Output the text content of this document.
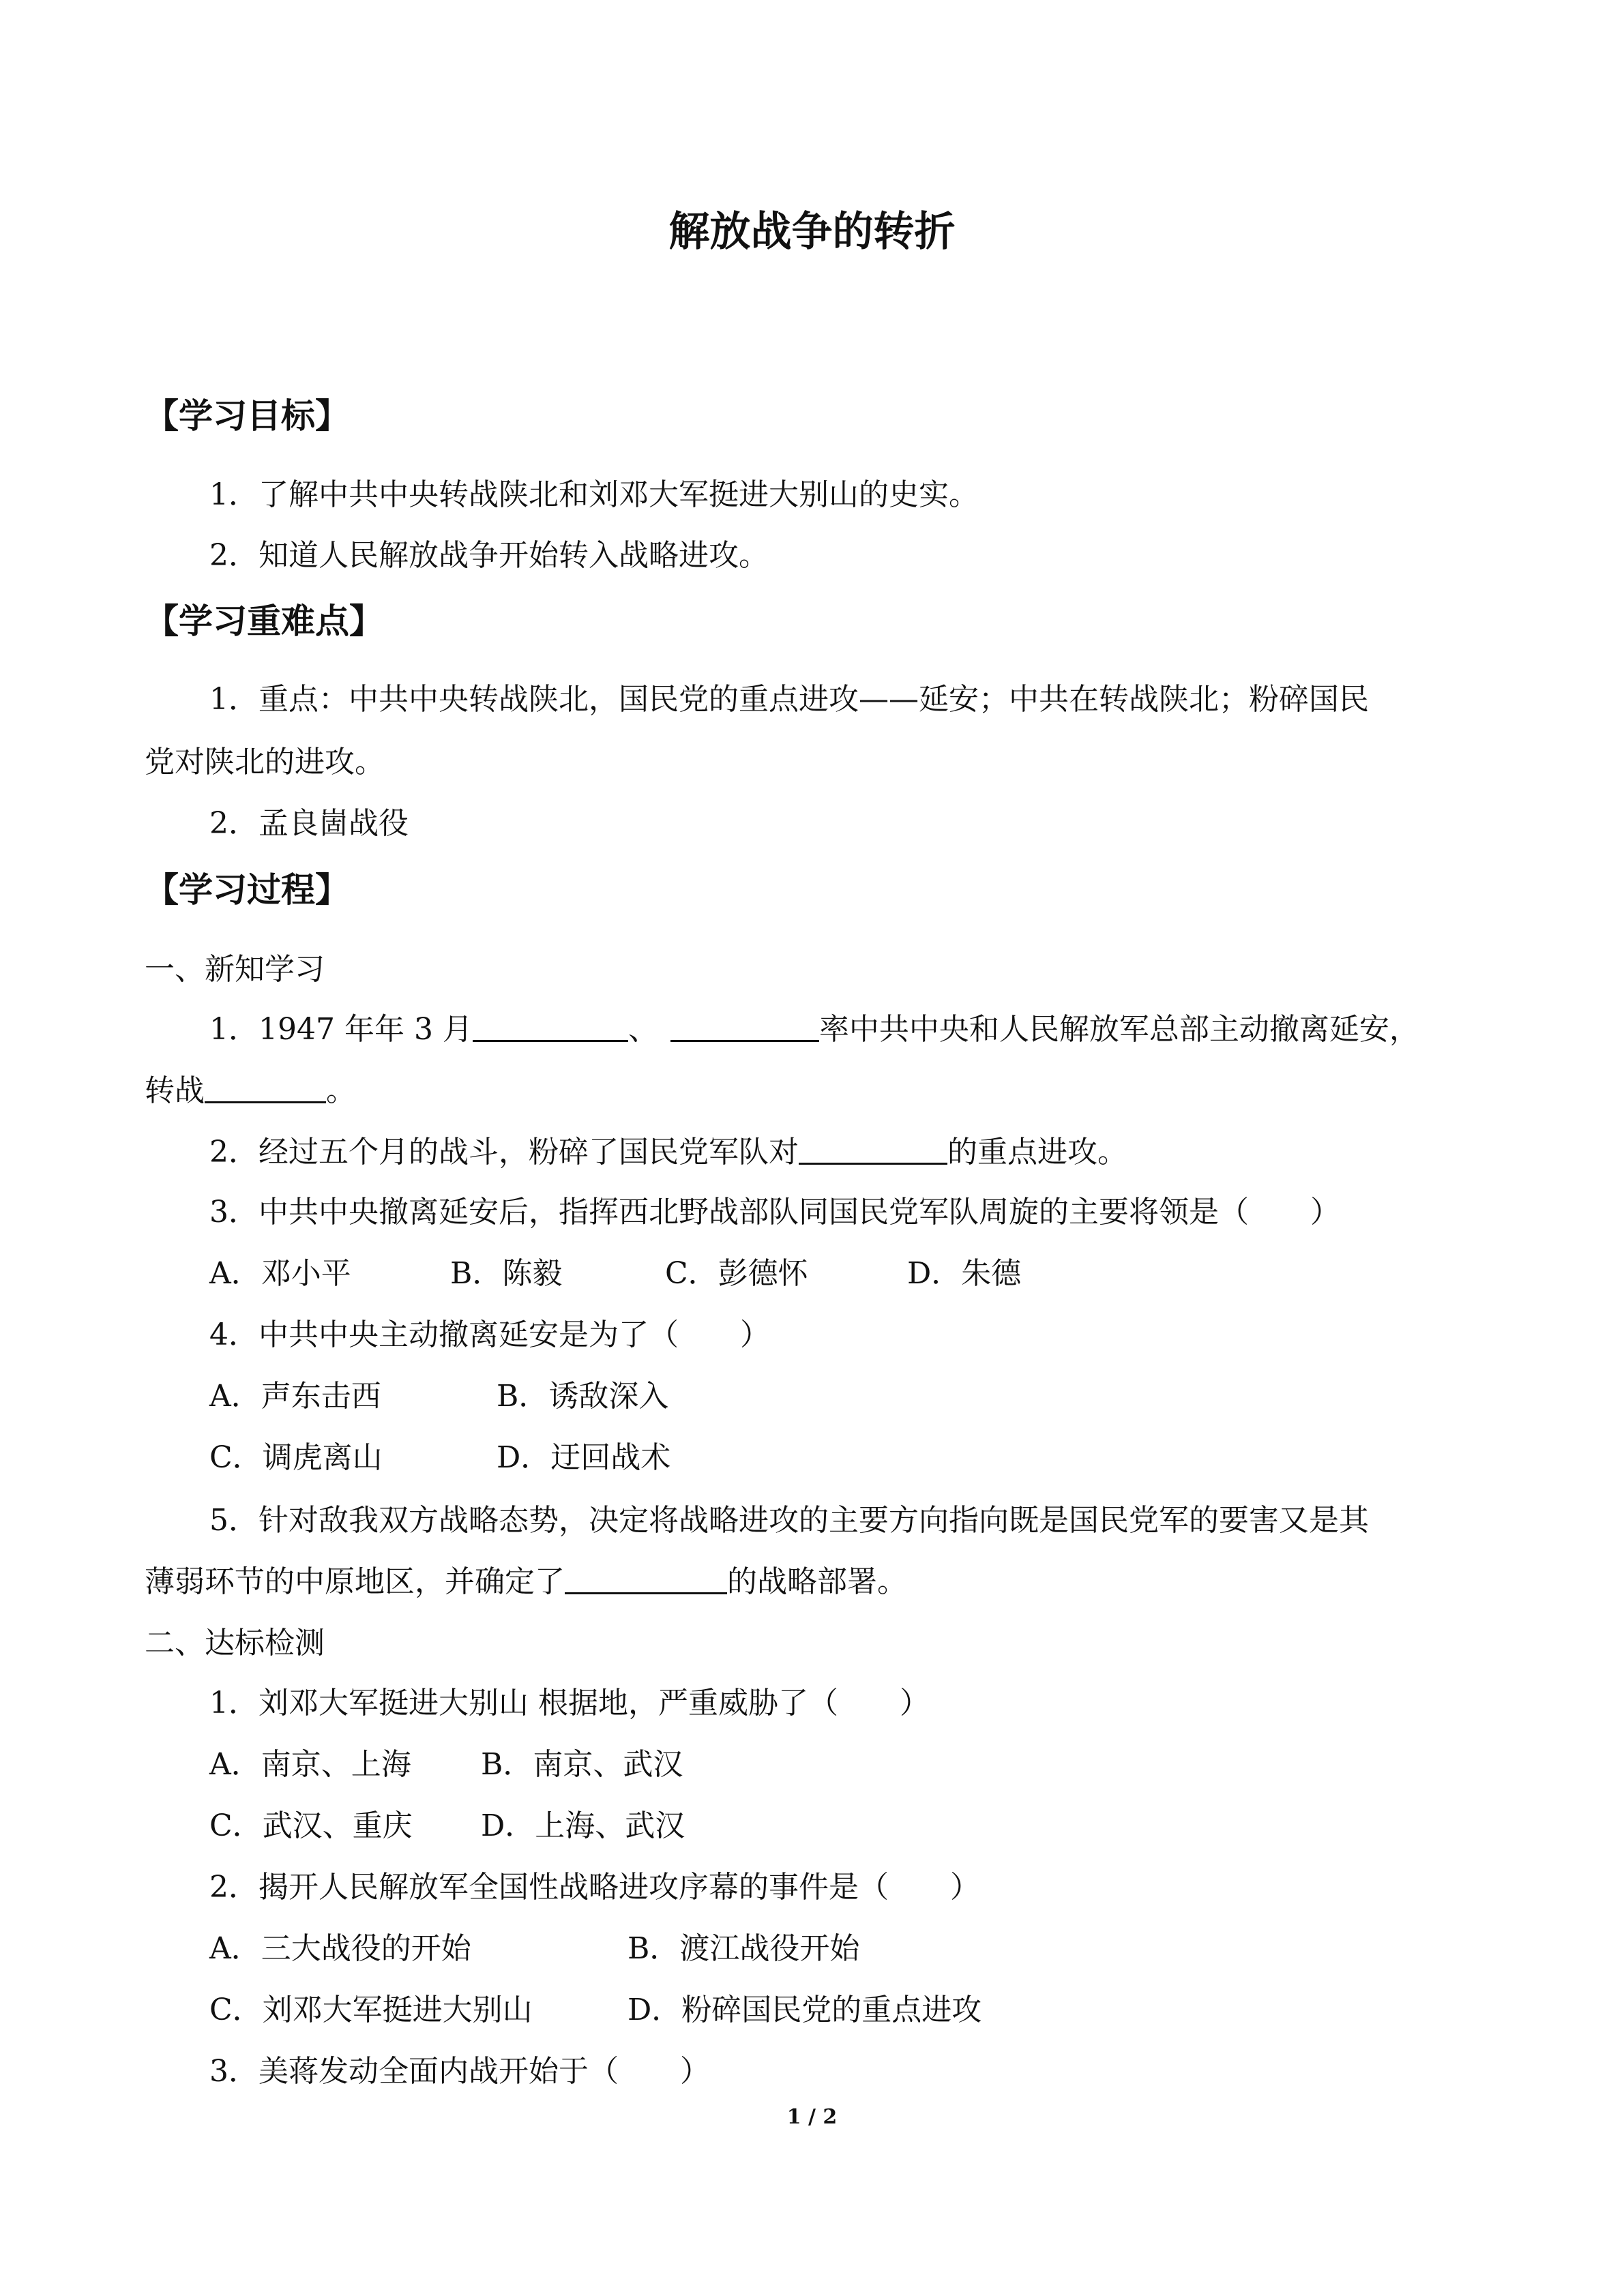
解放战争的转折
【学习目标】
1．了解中共中央转战陕北和刘邓大军挺进大别山的史实。
2．知道人民解放战争开始转入战略进攻。
【学习重难点】
1．重点：中共中央转战陕北，国民党的重点进攻——延安；中共在转战陕北；粉碎国民
党对陕北的进攻。
2．孟良崮战役
【学习过程】
一、新知学习
1．1947 年年 3 月	、	率中共中央和人民解放军总部主动撤离延安，
转战	。
2．经过五个月的战斗，粉碎了国民党军队对	的重点进攻。
3．中共中央撤离延安后，指挥西北野战部队同国民党军队周旋的主要将领是（ ）
A．邓小平	B．陈毅	C．彭德怀	D．朱德
4．中共中央主动撤离延安是为了（ ）
A．声东击西	B．诱敌深入
C．调虎离山	D．迂回战术
5．针对敌我双方战略态势，决定将战略进攻的主要方向指向既是国民党军的要害又是其
薄弱环节的中原地区，并确定了	的战略部署。
二、达标检测
1．刘邓大军挺进大别山 根据地，严重威胁了（ ）
A．南京、上海 B．南京、武汉
C．武汉、重庆 D．上海、武汉
2．揭开人民解放军全国性战略进攻序幕的事件是（ ）
A．三大战役的开始	B．渡江战役开始
C．刘邓大军挺进大别山	D．粉碎国民党的重点进攻
3．美蒋发动全面内战开始于（ ）
1 / 2
